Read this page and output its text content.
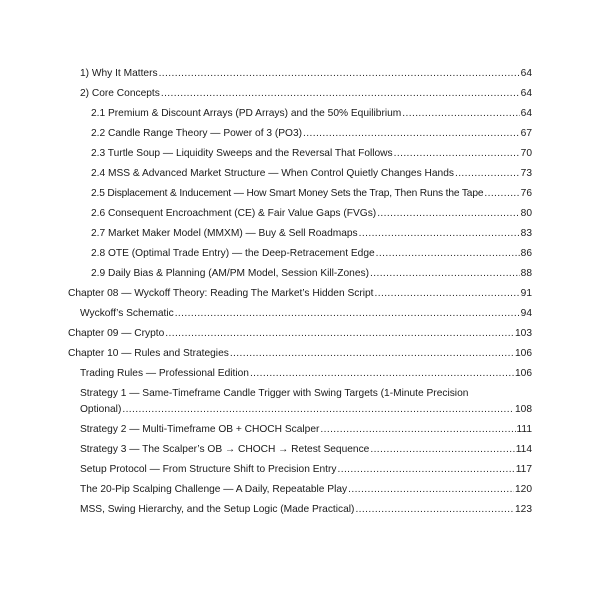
1) Why It Matters .....	64
2) Core Concepts .....	64
2.1 Premium & Discount Arrays (PD Arrays) and the 50% Equilibrium .....	64
2.2 Candle Range Theory — Power of 3 (PO3) .....	67
2.3 Turtle Soup — Liquidity Sweeps and the Reversal That Follows .....	70
2.4 MSS & Advanced Market Structure — When Control Quietly Changes Hands .....	73
2.5 Displacement & Inducement — How Smart Money Sets the Trap, Then Runs the Tape .....	76
2.6 Consequent Encroachment (CE) & Fair Value Gaps (FVGs) .....	80
2.7 Market Maker Model (MMXM) — Buy & Sell Roadmaps .....	83
2.8 OTE (Optimal Trade Entry) — the Deep-Retracement Edge .....	86
2.9 Daily Bias & Planning (AM/PM Model, Session Kill-Zones) .....	88
Chapter 08 — Wyckoff Theory: Reading The Market’s Hidden Script .....	91
Wyckoff’s Schematic .....	94
Chapter 09 — Crypto .....	103
Chapter 10 — Rules and Strategies .....	106
Trading Rules — Professional Edition .....	106
Strategy 1 — Same-Timeframe Candle Trigger with Swing Targets (1-Minute Precision
Optional) .....	108
Strategy 2 — Multi-Timeframe OB + CHOCH Scalper .....	111
Strategy 3 — The Scalper’s OB → CHOCH → Retest Sequence .....	114
Setup Protocol — From Structure Shift to Precision Entry .....	117
The 20-Pip Scalping Challenge — A Daily, Repeatable Play .....	120
MSS, Swing Hierarchy, and the Setup Logic (Made Practical) .....	123
